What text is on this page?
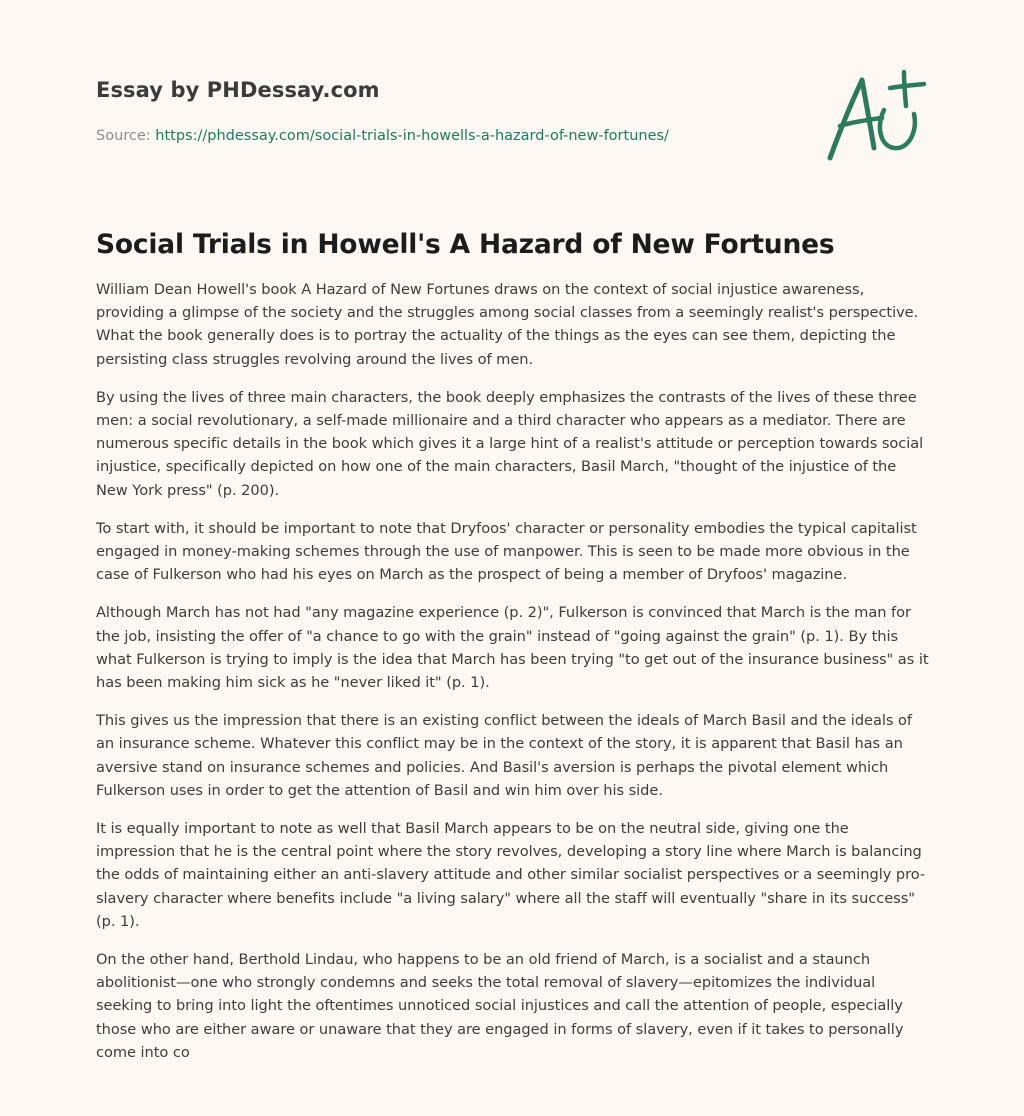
Essay by PHDessay.com
Source: https://phdessay.com/social-trials-in-howells-a-hazard-of-new-fortunes/
Social Trials in Howell's A Hazard of New Fortunes

William Dean Howell's book A Hazard of New Fortunes draws on the context of social injustice awareness, providing a glimpse of the society and the struggles among social classes from a seemingly realist's perspective. What the book generally does is to portray the actuality of the things as the eyes can see them, depicting the persisting class struggles revolving around the lives of men.

By using the lives of three main characters, the book deeply emphasizes the contrasts of the lives of these three men: a social revolutionary, a self-made millionaire and a third character who appears as a mediator. There are numerous specific details in the book which gives it a large hint of a realist's attitude or perception towards social injustice, specifically depicted on how one of the main characters, Basil March, "thought of the injustice of the New York press" (p. 200).

To start with, it should be important to note that Dryfoos' character or personality embodies the typical capitalist engaged in money-making schemes through the use of manpower. This is seen to be made more obvious in the case of Fulkerson who had his eyes on March as the prospect of being a member of Dryfoos' magazine.

Although March has not had "any magazine experience (p. 2)", Fulkerson is convinced that March is the man for the job, insisting the offer of "a chance to go with the grain" instead of "going against the grain" (p. 1). By this what Fulkerson is trying to imply is the idea that March has been trying "to get out of the insurance business" as it has been making him sick as he "never liked it" (p. 1).

This gives us the impression that there is an existing conflict between the ideals of March Basil and the ideals of an insurance scheme. Whatever this conflict may be in the context of the story, it is apparent that Basil has an aversive stand on insurance schemes and policies. And Basil's aversion is perhaps the pivotal element which Fulkerson uses in order to get the attention of Basil and win him over his side.

It is equally important to note as well that Basil March appears to be on the neutral side, giving one the impression that he is the central point where the story revolves, developing a story line where March is balancing the odds of maintaining either an anti-slavery attitude and other similar socialist perspectives or a seemingly pro-slavery character where benefits include "a living salary" where all the staff will eventually "share in its success" (p. 1).

On the other hand, Berthold Lindau, who happens to be an old friend of March, is a socialist and a staunch abolitionist—one who strongly condemns and seeks the total removal of slavery—epitomizes the individual seeking to bring into light the oftentimes unnoticed social injustices and call the attention of people, especially those who are either aware or unaware that they are engaged in forms of slavery, even if it takes to personally come into co
